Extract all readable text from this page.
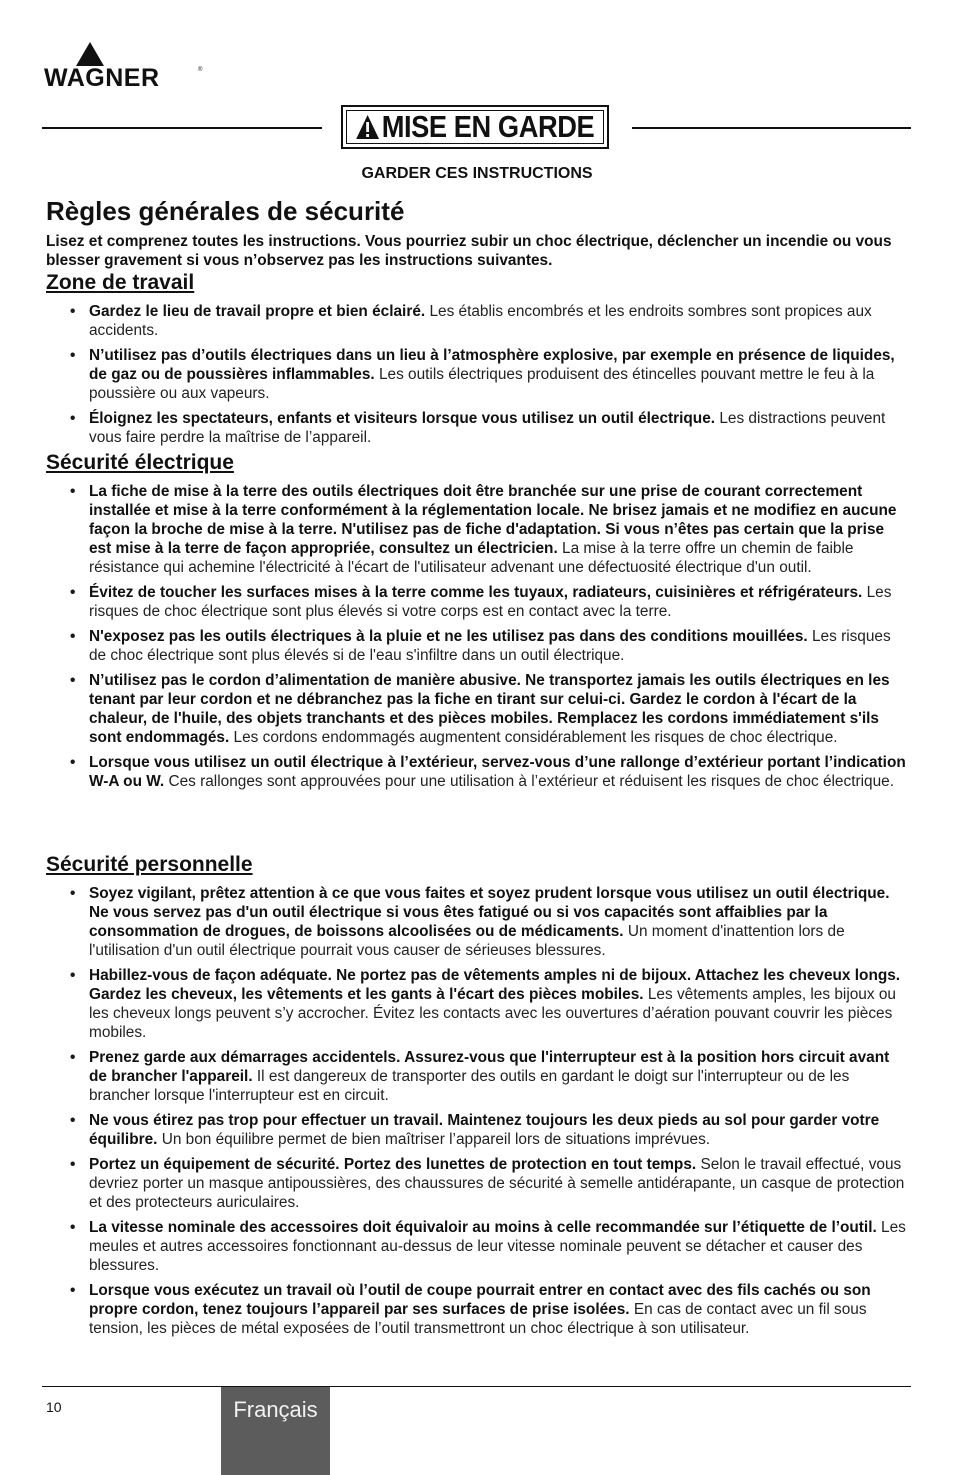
WAGNER	®
MISE EN GARDE
GARDER CES INSTRUCTIONS
Règles générales de sécurité
Lisez et comprenez toutes les instructions. Vous pourriez subir un choc électrique, déclencher un incendie ou vous blesser gravement si vous n’observez pas les instructions suivantes.
Zone de travail
• Gardez le lieu de travail propre et bien éclairé. Les établis encombrés et les endroits sombres sont propices aux accidents.
• N’utilisez pas d’outils électriques dans un lieu à l’atmosphère explosive, par exemple en présence de liquides, de gaz ou de poussières inflammables. Les outils électriques produisent des étincelles pouvant mettre le feu à la poussière ou aux vapeurs.
• Éloignez les spectateurs, enfants et visiteurs lorsque vous utilisez un outil électrique. Les distractions peuvent vous faire perdre la maîtrise de l’appareil.
Sécurité électrique
• La fiche de mise à la terre des outils électriques doit être branchée sur une prise de courant correctement installée et mise à la terre conformément à la réglementation locale. Ne brisez jamais et ne modifiez en aucune façon la broche de mise à la terre. N'utilisez pas de fiche d'adaptation. Si vous n’êtes pas certain que la prise est mise à la terre de façon appropriée, consultez un électricien. La mise à la terre offre un chemin de faible résistance qui achemine l'électricité à l'écart de l'utilisateur advenant une défectuosité électrique d'un outil.
• Évitez de toucher les surfaces mises à la terre comme les tuyaux, radiateurs, cuisinières et réfrigérateurs. Les risques de choc électrique sont plus élevés si votre corps est en contact avec la terre.
• N'exposez pas les outils électriques à la pluie et ne les utilisez pas dans des conditions mouillées. Les risques de choc électrique sont plus élevés si de l'eau s'infiltre dans un outil électrique.
• N’utilisez pas le cordon d’alimentation de manière abusive. Ne transportez jamais les outils électriques en les tenant par leur cordon et ne débranchez pas la fiche en tirant sur celui-ci. Gardez le cordon à l'écart de la chaleur, de l'huile, des objets tranchants et des pièces mobiles. Remplacez les cordons immédiatement s'ils sont endommagés. Les cordons endommagés augmentent considérablement les risques de choc électrique.
• Lorsque vous utilisez un outil électrique à l’extérieur, servez-vous d’une rallonge d’extérieur portant l’indication W-A ou W. Ces rallonges sont approuvées pour une utilisation à l’extérieur et réduisent les risques de choc électrique.
Sécurité personnelle
• Soyez vigilant, prêtez attention à ce que vous faites et soyez prudent lorsque vous utilisez un outil électrique. Ne vous servez pas d'un outil électrique si vous êtes fatigué ou si vos capacités sont affaiblies par la consommation de drogues, de boissons alcoolisées ou de médicaments. Un moment d'inattention lors de l'utilisation d'un outil électrique pourrait vous causer de sérieuses blessures.
• Habillez-vous de façon adéquate. Ne portez pas de vêtements amples ni de bijoux. Attachez les cheveux longs. Gardez les cheveux, les vêtements et les gants à l'écart des pièces mobiles. Les vêtements amples, les bijoux ou les cheveux longs peuvent s’y accrocher. Évitez les contacts avec les ouvertures d’aération pouvant couvrir les pièces mobiles.
• Prenez garde aux démarrages accidentels. Assurez-vous que l'interrupteur est à la position hors circuit avant de brancher l'appareil. Il est dangereux de transporter des outils en gardant le doigt sur l'interrupteur ou de les brancher lorsque l'interrupteur est en circuit.
• Ne vous étirez pas trop pour effectuer un travail. Maintenez toujours les deux pieds au sol pour garder votre équilibre. Un bon équilibre permet de bien maîtriser l’appareil lors de situations imprévues.
• Portez un équipement de sécurité. Portez des lunettes de protection en tout temps. Selon le travail effectué, vous devriez porter un masque antipoussières, des chaussures de sécurité à semelle antidérapante, un casque de protection et des protecteurs auriculaires.
• La vitesse nominale des accessoires doit équivaloir au moins à celle recommandée sur l’étiquette de l’outil. Les meules et autres accessoires fonctionnant au-dessus de leur vitesse nominale peuvent se détacher et causer des blessures.
• Lorsque vous exécutez un travail où l’outil de coupe pourrait entrer en contact avec des fils cachés ou son propre cordon, tenez toujours l’appareil par ses surfaces de prise isolées. En cas de contact avec un fil sous tension, les pièces de métal exposées de l’outil transmettront un choc électrique à son utilisateur.
10	Français
